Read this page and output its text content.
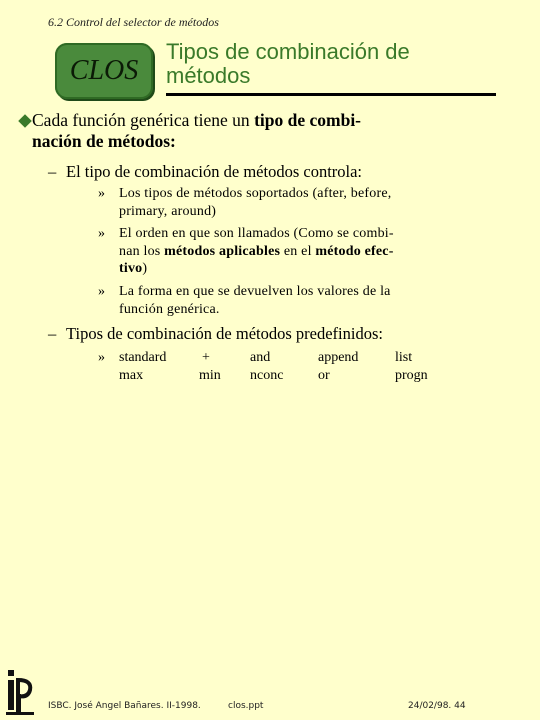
6.2 Control del selector de métodos
CLOS
Tipos de combinación de
métodos
Cada función genérica tiene un tipo de combi-
nación de métodos:
– El tipo de combinación de métodos controla:
» Los tipos de métodos soportados (after, before,
primary, around)
» El orden en que son llamados (Como se combi-
nan los métodos aplicables en el método efec-
tivo)
» La forma en que se devuelven los valores de la
función genérica.
– Tipos de combinación de métodos predefinidos:
» standard
max
+
min
and
nconc
append
or
list
progn
ISBC. José Angel Bañares. II-1998.	clos.ppt	24/02/98. 44
